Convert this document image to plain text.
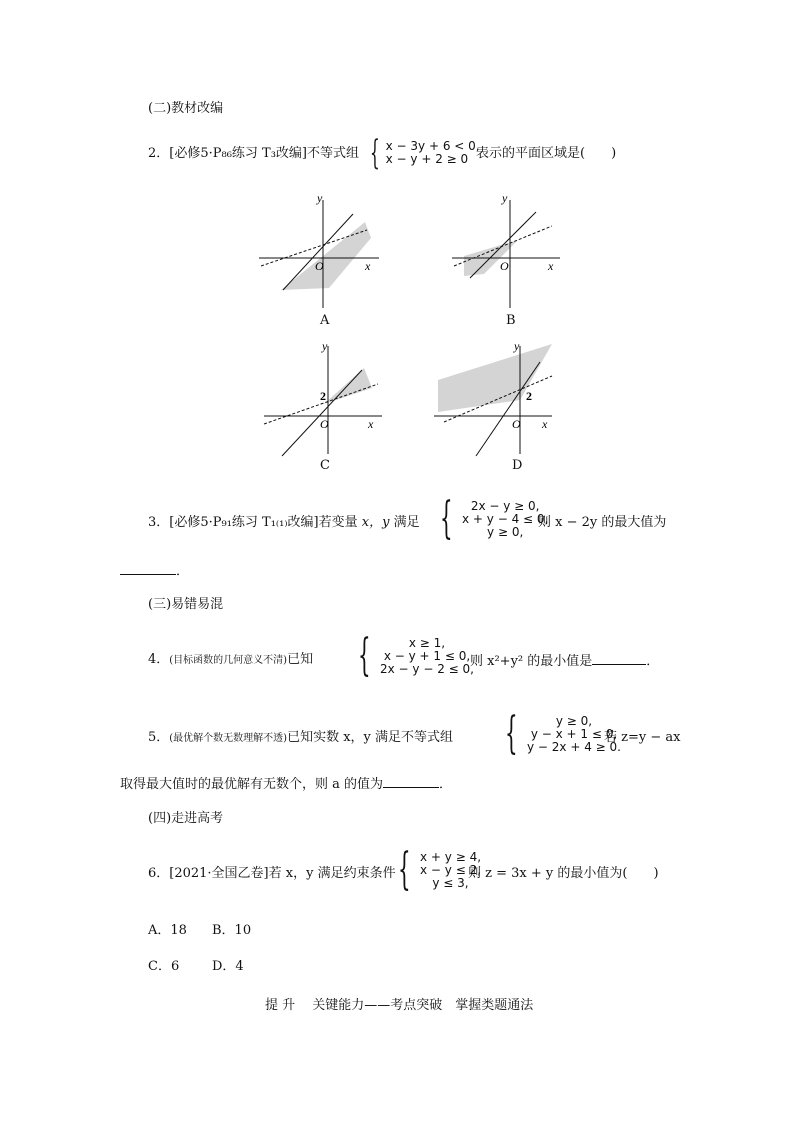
(二)教材改编
2．[必修5·P₈₆练习 T₃改编]不等式组 { x − 3y + 6 < 0,
x − y + 2 ≥ 0 表示的平面区域是(　　)
x
y
O
A
x
y
O
B
x
y
O
2
C
x
y
O
2
D
3．[必修5·P₉₁练习 T₁₍₁₎改编]若变量 x，y 满足 {	2x − y ≥ 0,
x + y − 4 ≤ 0,
y ≥ 0,
则 x − 2y 的最大值为
．
(三)易错易混
4．(目标函数的几何意义不清)已知 {	x ≥ 1,
x − y + 1 ≤ 0,
2x − y − 2 ≤ 0,
则 x²+y² 的最小值是	．
5．(最优解个数无数理解不透)已知实数 x，y 满足不等式组 {	y ≥ 0,
y − x + 1 ≤ 0,
y − 2x + 4 ≥ 0.
若 z=y − ax
取得最大值时的最优解有无数个，则 a 的值为	．
(四)走进高考
6．[2021·全国乙卷]若 x，y 满足约束条件 { x + y ≥ 4,
x − y ≤ 2,
y ≤ 3,
则 z = 3x + y 的最小值为(　　)
A．18 B．10
C．6	D．4
提 升　 关键能力——考点突破　掌握类题通法
